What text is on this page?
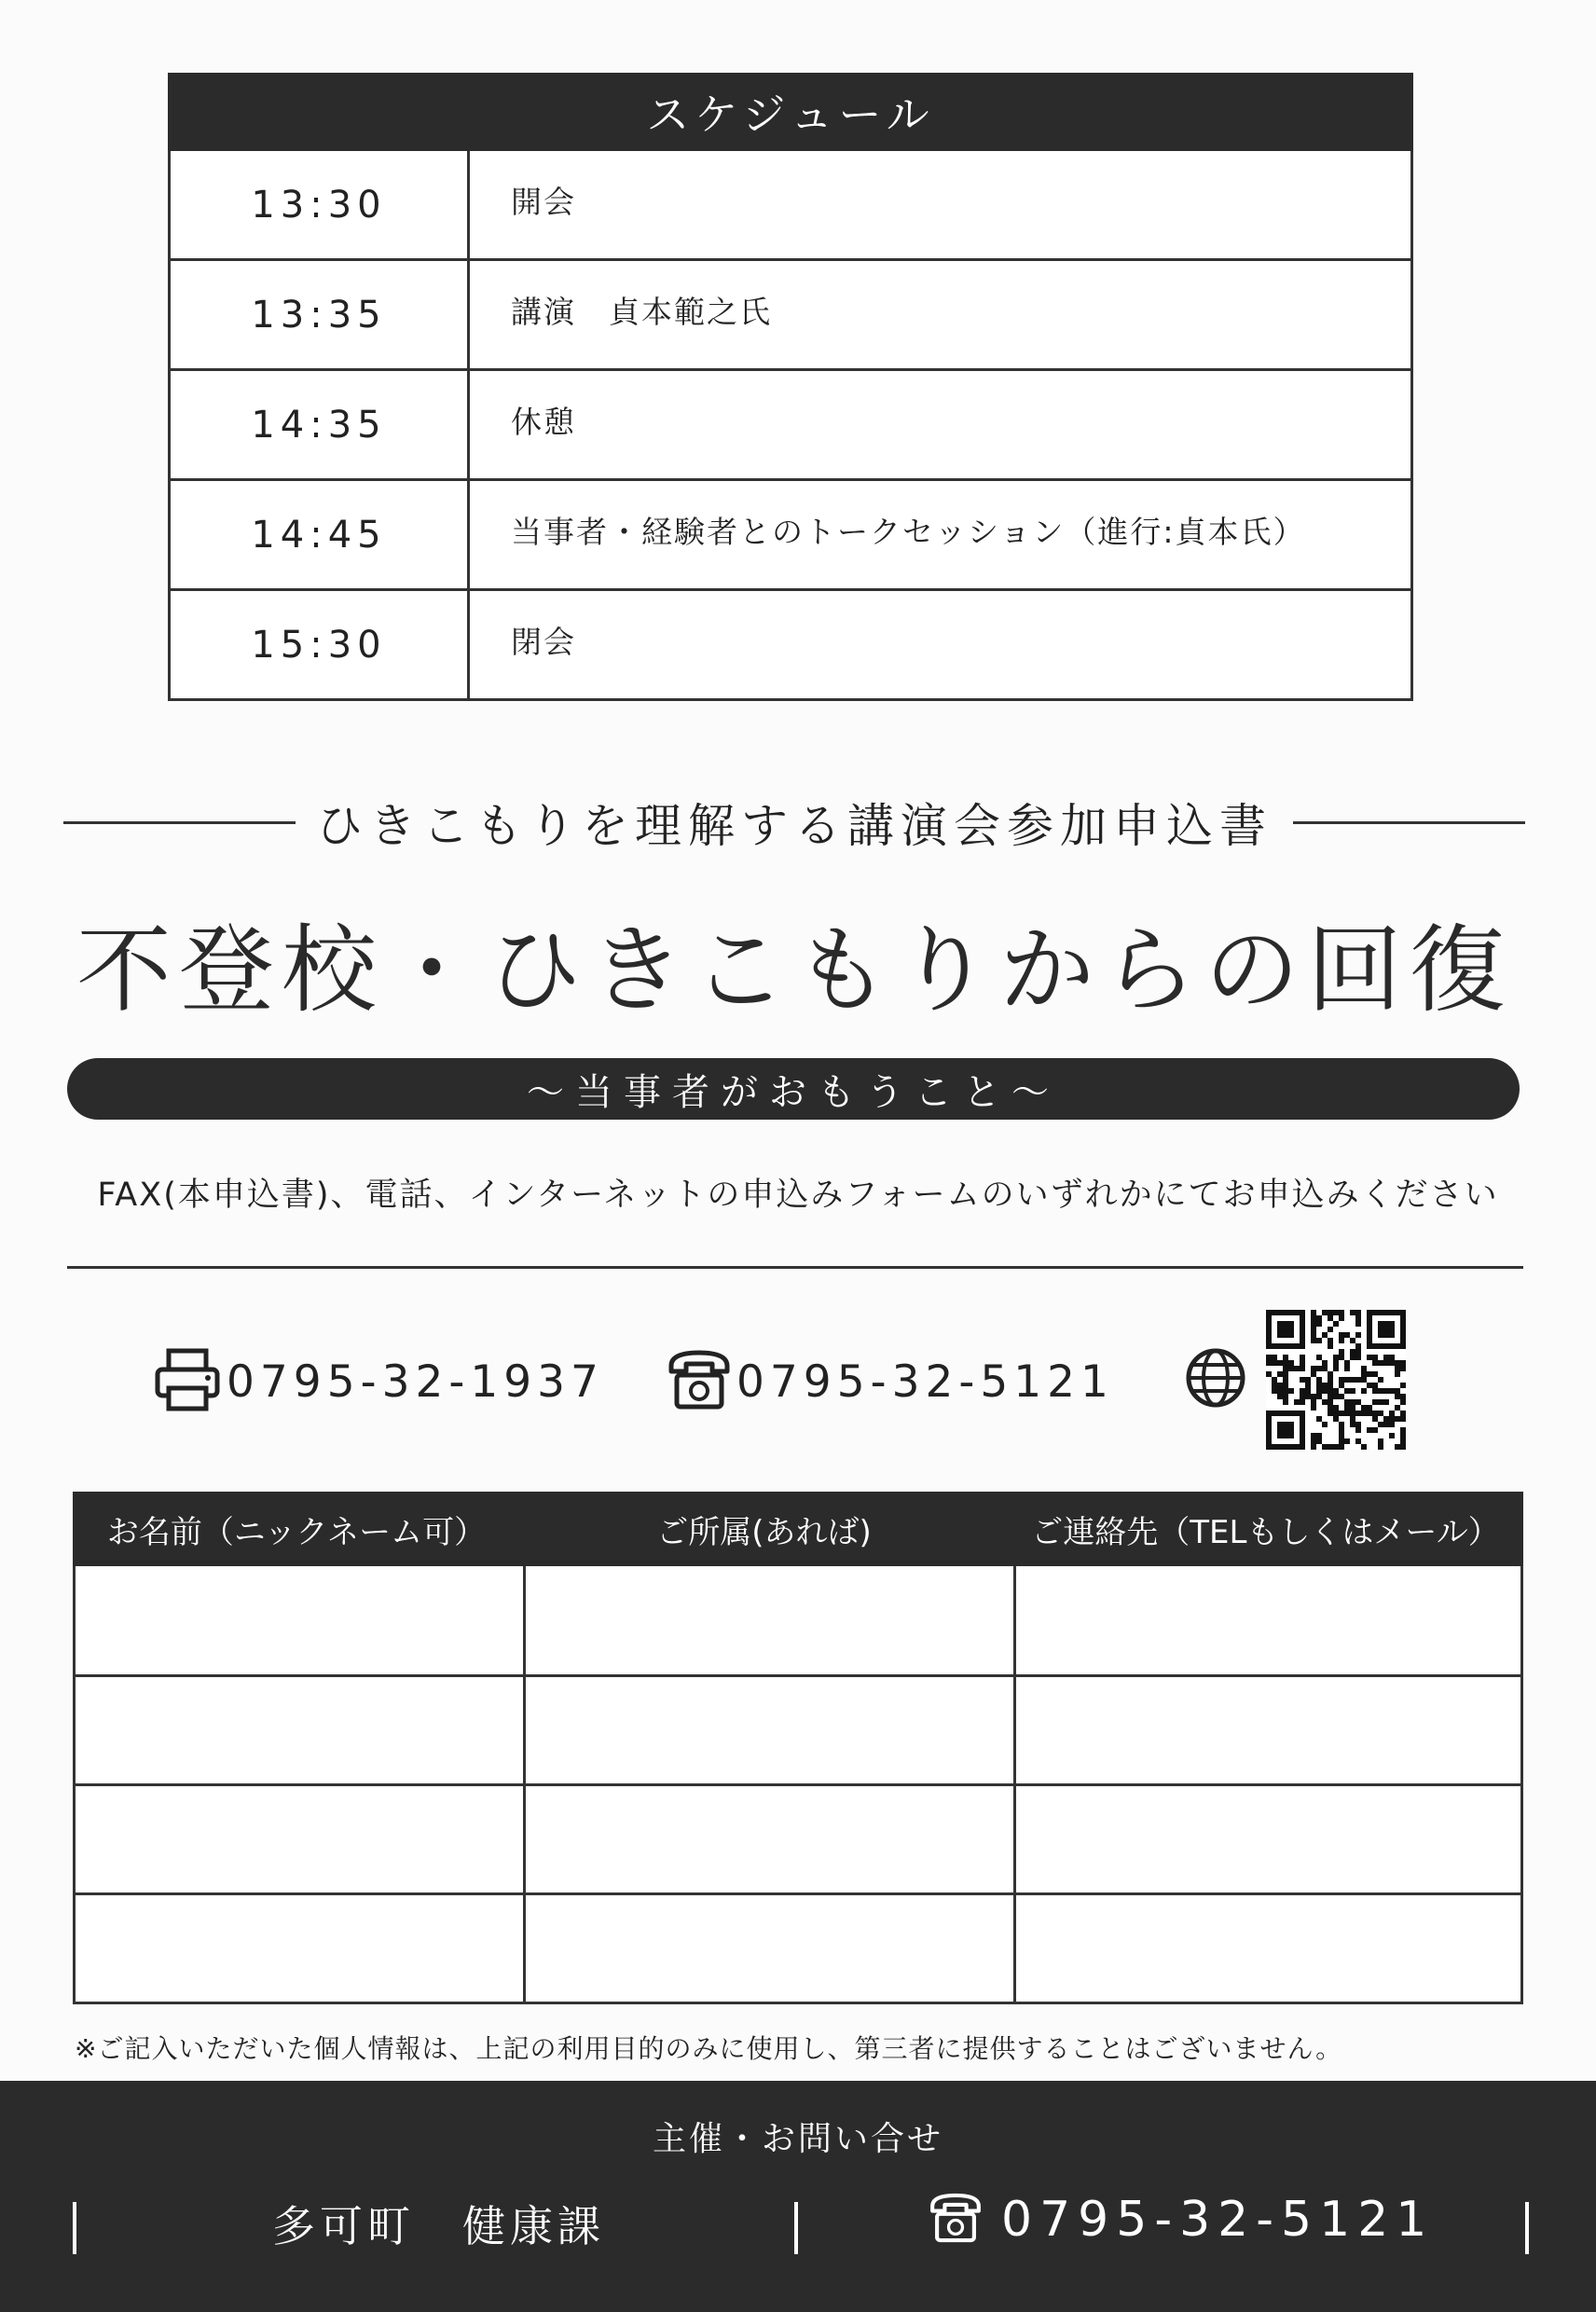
スケジュール
13:30	開会
13:35	講演　貞本範之氏
14:35	休憩
14:45	当事者・経験者とのトークセッション（進行:貞本氏）
15:30	閉会
ひきこもりを理解する講演会参加申込書
不登校・ひきこもりからの回復
～当事者がおもうこと～
FAX(本申込書)、電話、インターネットの申込みフォームのいずれかにてお申込みください
0795-32-1937	0795-32-5121
お名前（ニックネーム可）	ご所属(あれば)	ご連絡先（TELもしくはメール）
※ご記入いただいた個人情報は、上記の利用目的のみに使用し、第三者に提供することはございません。
主催・お問い合せ
多可町　健康課	0795-32-5121
